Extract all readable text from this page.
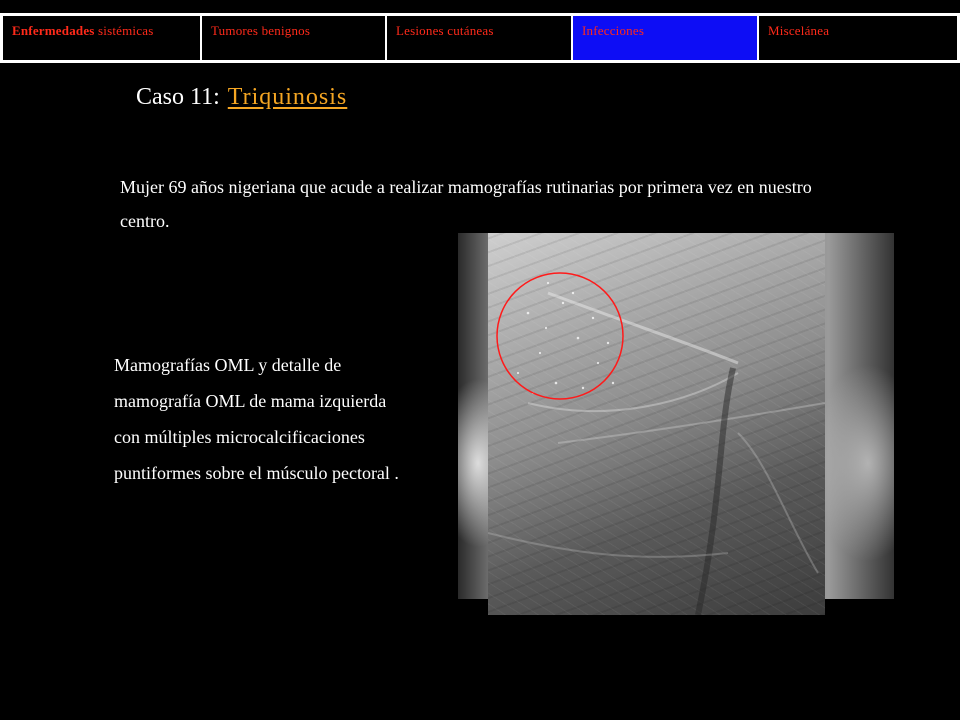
Enfermedades sistémicas	Tumores benignos	Lesiones cutáneas	Infecciones	Miscelánea
Caso 11: Triquinosis
Mujer 69 años nigeriana que acude a realizar mamografías rutinarias por primera vez en nuestro centro.
Mamografías OML y detalle de
mamografía OML de mama izquierda
con múltiples microcalcificaciones
puntiformes sobre el músculo pectoral .
